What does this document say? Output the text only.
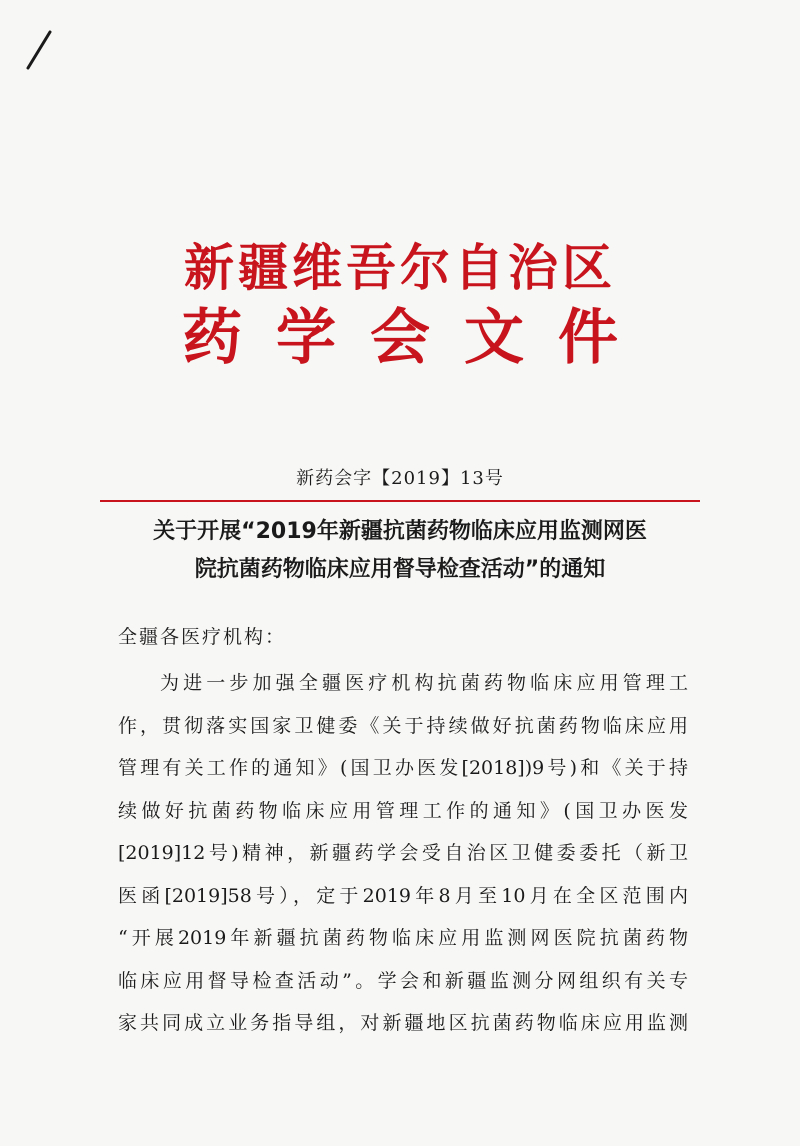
新疆维吾尔自治区
药学会文件
新药会字【2019】13号
关于开展“2019年新疆抗菌药物临床应用监测网医
院抗菌药物临床应用督导检查活动”的通知
全疆各医疗机构：
为进一步加强全疆医疗机构抗菌药物临床应用管理工
作，贯彻落实国家卫健委《关于持续做好抗菌药物临床应用
管理有关工作的通知》(国卫办医发[2018])9号)和《关于持
续做好抗菌药物临床应用管理工作的通知》(国卫办医发
[2019]12号)精神，新疆药学会受自治区卫健委委托（新卫
医函[2019]58号），定于2019年8月至10月在全区范围内
“开展2019年新疆抗菌药物临床应用监测网医院抗菌药物
临床应用督导检查活动”。学会和新疆监测分网组织有关专
家共同成立业务指导组，对新疆地区抗菌药物临床应用监测
